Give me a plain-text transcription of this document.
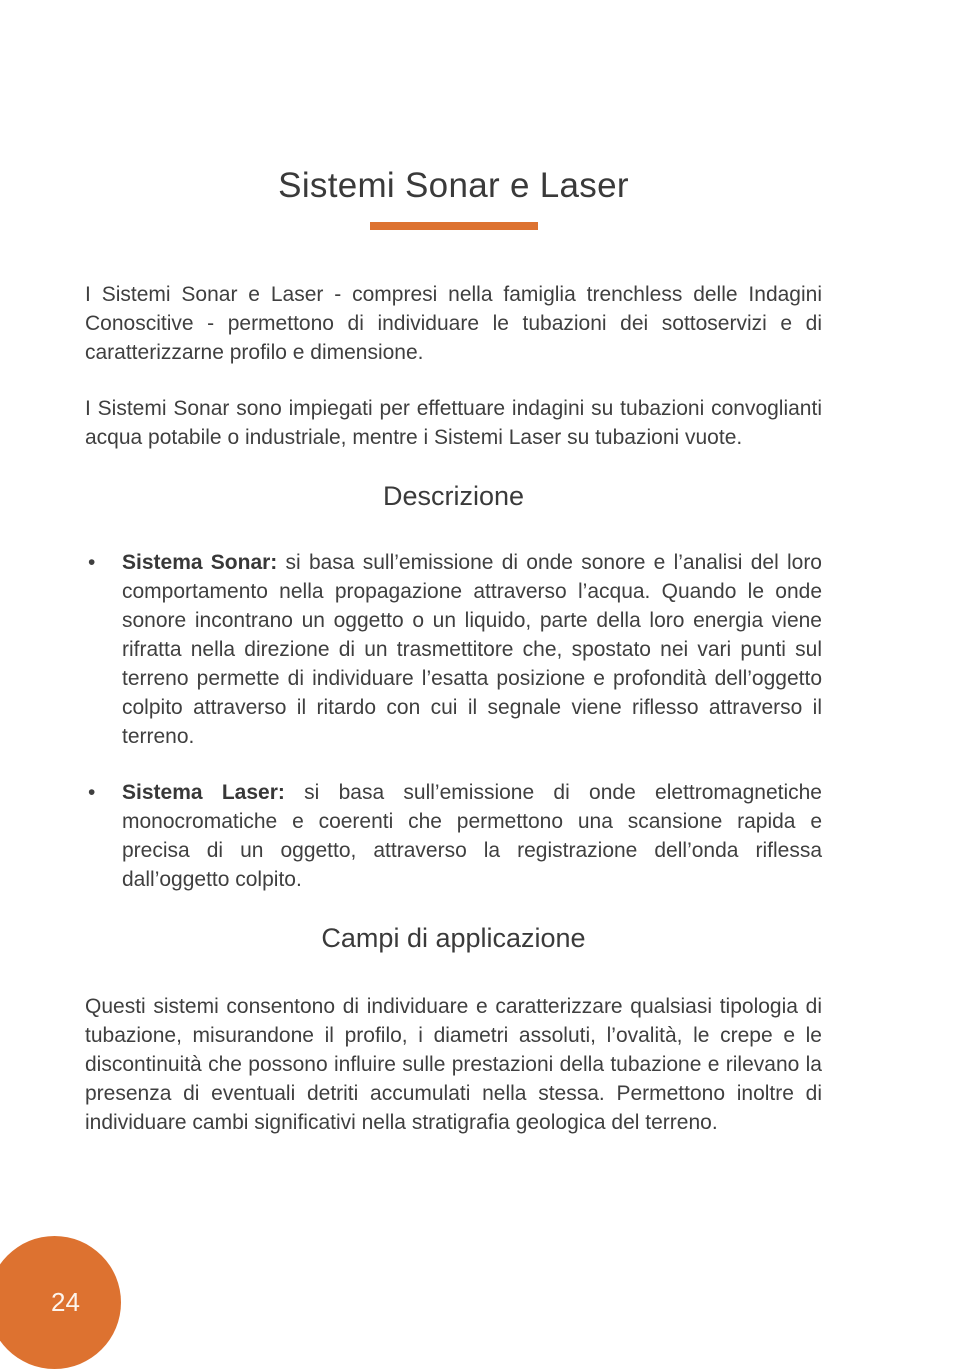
Sistemi Sonar e Laser

I Sistemi Sonar e Laser - compresi nella famiglia trenchless delle Indagini Conoscitive - permettono di individuare le tubazioni dei sottoservizi e di caratterizzarne profilo e dimensione.

I Sistemi Sonar sono impiegati per effettuare indagini su tubazioni convoglianti acqua potabile o industriale, mentre i Sistemi Laser su tubazioni vuote.

Descrizione
• Sistema Sonar: si basa sull’emissione di onde sonore e l’analisi del loro comportamento nella propagazione attraverso l’acqua. Quando le onde sonore incontrano un oggetto o un liquido, parte della loro energia viene rifratta nella direzione di un trasmettitore che, spostato nei vari punti sul terreno permette di individuare l’esatta posizione e profondità dell’oggetto colpito attraverso il ritardo con cui il segnale viene riflesso attraverso il terreno.
• Sistema Laser: si basa sull’emissione di onde elettromagnetiche monocromatiche e coerenti che permettono una scansione rapida e precisa di un oggetto, attraverso la registrazione dell’onda riflessa dall’oggetto colpito.
Campi di applicazione

Questi sistemi consentono di individuare e caratterizzare qualsiasi tipologia di tubazione, misurandone il profilo, i diametri assoluti, l’ovalità, le crepe e le discontinuità che possono influire sulle prestazioni della tubazione e rilevano la presenza di eventuali detriti accumulati nella stessa. Permettono inoltre di individuare cambi significativi nella stratigrafia geologica del terreno.

24
